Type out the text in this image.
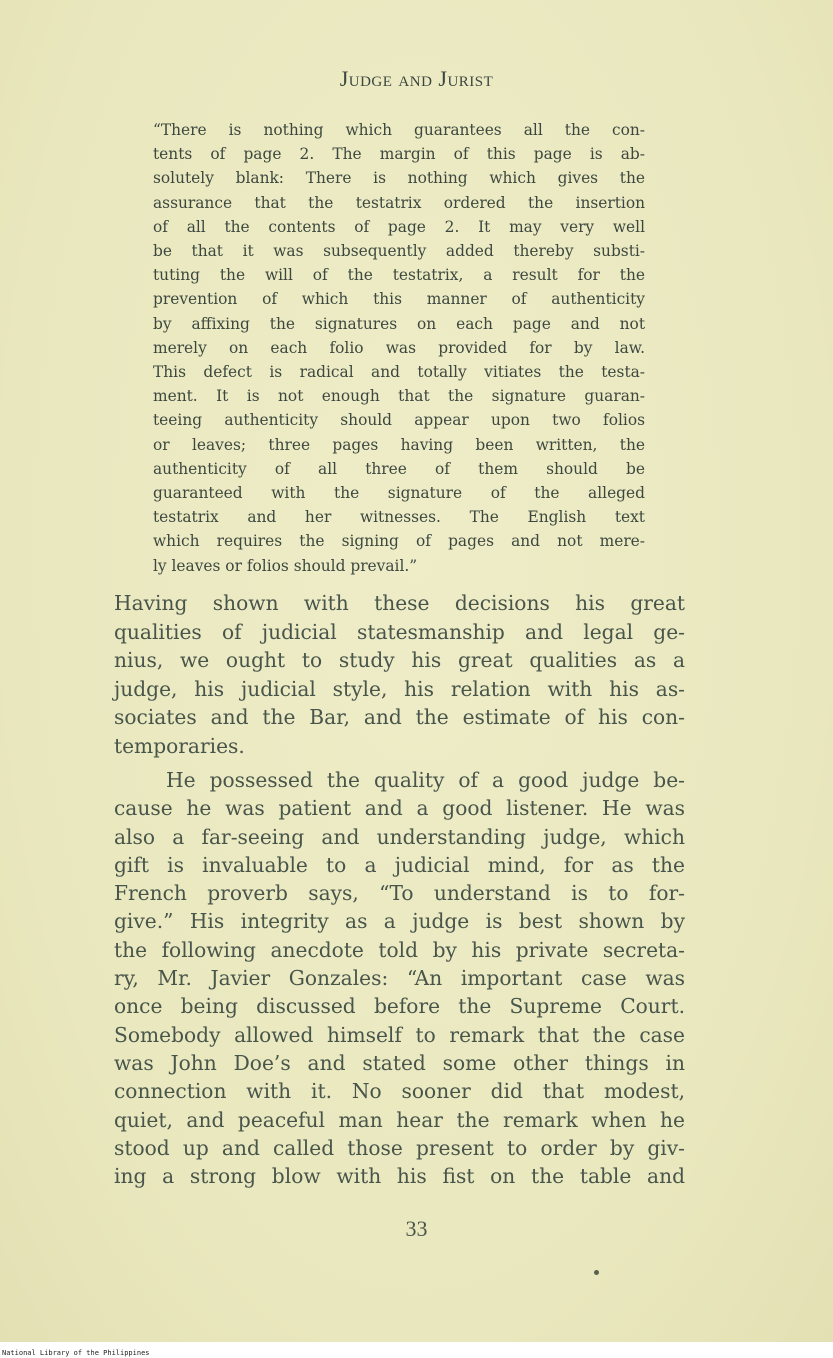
Judge and Jurist
“There is nothing which guarantees all the con-
tents of page 2. The margin of this page is ab-
solutely blank: There is nothing which gives the
assurance that the testatrix ordered the insertion
of all the contents of page 2. It may very well
be that it was subsequently added thereby substi-
tuting the will of the testatrix, a result for the
prevention of which this manner of authenticity
by affixing the signatures on each page and not
merely on each folio was provided for by law.
This defect is radical and totally vitiates the testa-
ment. It is not enough that the signature guaran-
teeing authenticity should appear upon two folios
or leaves; three pages having been written, the
authenticity of all three of them should be
guaranteed with the signature of the alleged
testatrix and her witnesses. The English text
which requires the signing of pages and not mere-
ly leaves or folios should prevail.”
Having shown with these decisions his great
qualities of judicial statesmanship and legal ge-
nius, we ought to study his great qualities as a
judge, his judicial style, his relation with his as-
sociates and the Bar, and the estimate of his con-
temporaries.
He possessed the quality of a good judge be-
cause he was patient and a good listener. He was
also a far-seeing and understanding judge, which
gift is invaluable to a judicial mind, for as the
French proverb says, “To understand is to for-
give.” His integrity as a judge is best shown by
the following anecdote told by his private secreta-
ry, Mr. Javier Gonzales: “An important case was
once being discussed before the Supreme Court.
Somebody allowed himself to remark that the case
was John Doe’s and stated some other things in
connection with it. No sooner did that modest,
quiet, and peaceful man hear the remark when he
stood up and called those present to order by giv-
ing a strong blow with his fist on the table and
33
National Library of the Philippines
